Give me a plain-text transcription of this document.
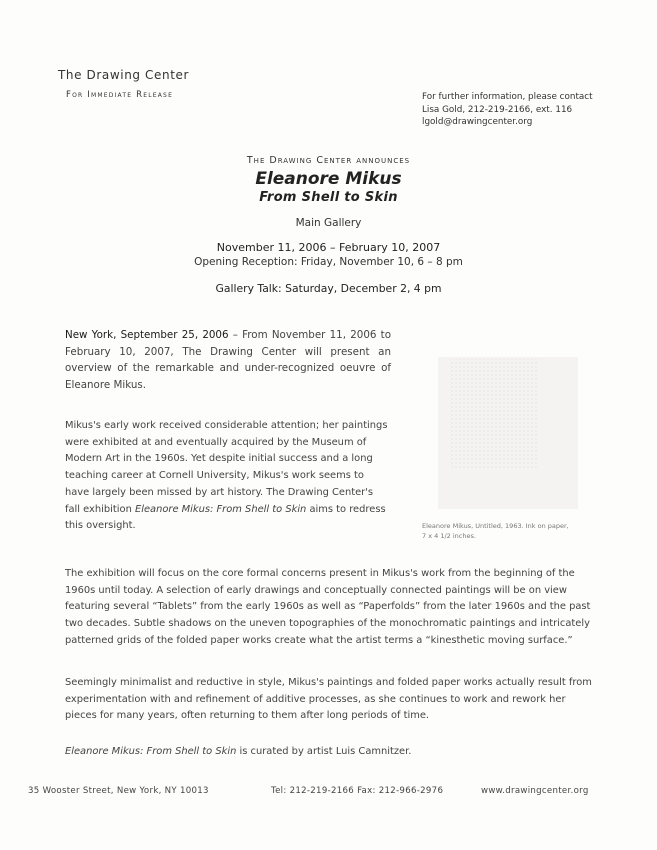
The Drawing Center
For Immediate Release	For further information, please contact
Lisa Gold, 212-219-2166, ext. 116
lgold@drawingcenter.org
The Drawing Center announces
Eleanore Mikus
From Shell to Skin
Main Gallery
November 11, 2006 – February 10, 2007
Opening Reception: Friday, November 10, 6 – 8 pm
Gallery Talk: Saturday, December 2, 4 pm
New York, September 25, 2006 – From November 11, 2006 to February 10, 2007, The Drawing Center will present an overview of the remarkable and under-recognized oeuvre of Eleanore Mikus.
Mikus's early work received considerable attention; her paintings were exhibited at and eventually acquired by the Museum of Modern Art in the 1960s. Yet despite initial success and a long teaching career at Cornell University, Mikus's work seems to have largely been missed by art history. The Drawing Center's fall exhibition Eleanore Mikus: From Shell to Skin aims to redress this oversight.	Eleanore Mikus, Untitled, 1963. Ink on paper,
7 x 4 1/2 inches.
The exhibition will focus on the core formal concerns present in Mikus's work from the beginning of the 1960s until today. A selection of early drawings and conceptually connected paintings will be on view featuring several “Tablets” from the early 1960s as well as “Paperfolds” from the later 1960s and the past two decades. Subtle shadows on the uneven topographies of the monochromatic paintings and intricately patterned grids of the folded paper works create what the artist terms a “kinesthetic moving surface.”
Seemingly minimalist and reductive in style, Mikus's paintings and folded paper works actually result from experimentation with and refinement of additive processes, as she continues to work and rework her pieces for many years, often returning to them after long periods of time.
Eleanore Mikus: From Shell to Skin is curated by artist Luis Camnitzer.
35 Wooster Street, New York, NY 10013	Tel: 212-219-2166 Fax: 212-966-2976	www.drawingcenter.org
